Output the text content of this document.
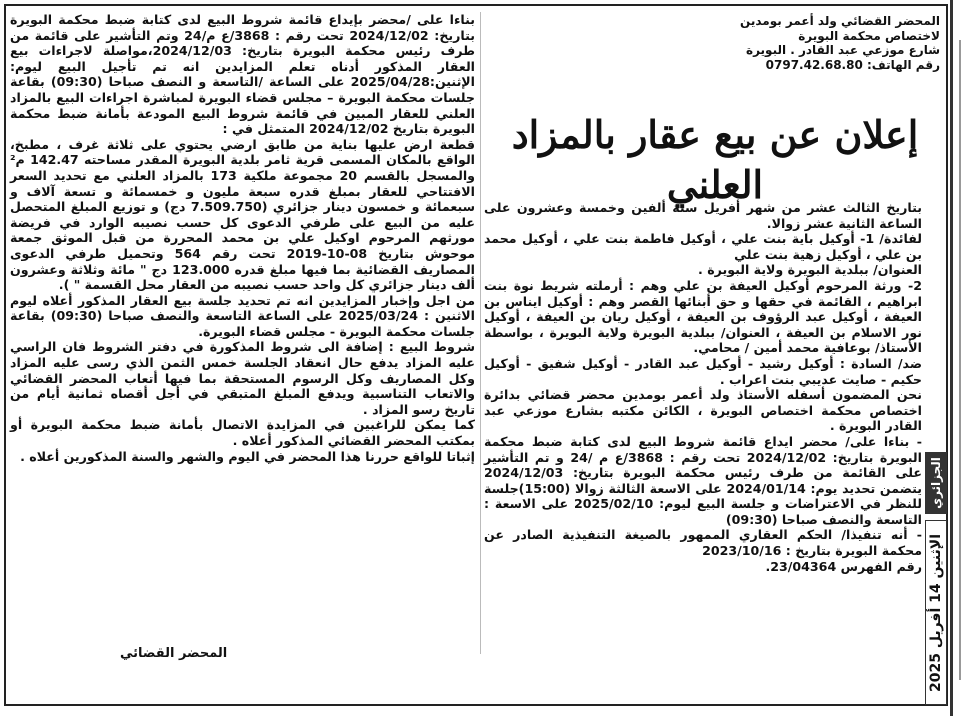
المحضر القضائي ولد أعمر بومدين
لاختصاص محكمة البويرة
شارع موزعي عبد القادر . البويرة
رقم الهاتف: 0797.42.68.80
إعلان عن بيع عقار بالمزاد العلني

بتاريخ الثالث عشر من شهر أفريل سنة ألفين وخمسة وعشرون على الساعة الثانية عشر زوالا.

لفائدة/ 1- أوكيل باية بنت علي ، أوكيل فاطمة بنت علي ، أوكيل محمد بن علي ، أوكيل زهية بنت علي

العنوان/ ببلدية البويرة ولاية البويرة .

2- ورثة المرحوم أوكيل العيفة بن علي وهم : أرملته شريط نوة بنت ابراهيم ، القائمة في حقها و حق أبنائها القصر وهم : أوكيل ايناس بن العيفة ، أوكيل عبد الرؤوف بن العيفة ، أوكيل ريان بن العيفة ، أوكيل نور الاسلام بن العيفة ، العنوان/ ببلدية البويرة ولاية البويرة ، بواسطة الأستاذ/ بوعافية محمد أمين / محامي.

ضد/ السادة : أوكيل رشيد - أوكيل عبد القادر - أوكيل شفيق - أوكيل حكيم - صايت عديبي بنت اعراب .

نحن المضمون أسفله الأستاذ ولد أعمر بومدين محضر قضائي بدائرة اختصاص محكمة اختصاص البويرة ، الكائن مكتبه بشارع موزعي عبد القادر البويرة .

- بناءا على/ محضر ايداع قائمة شروط البيع لدى كتابة ضبط محكمة البويرة بتاريخ: 2024/12/02 تحت رقم : 3868/ع م /24 و تم التأشير على القائمة من طرف رئيس محكمة البويرة بتاريخ: 2024/12/03 يتضمن تحديد يوم: 2024/01/14 على الاسعة الثالثة زوالا (15:00)جلسة للنظر في الاعتراضات و جلسة البيع ليوم: 2025/02/10 على الاسعة : التاسعة والنصف صباحا (09:30)

- أنه تنفيذا/ الحكم العقاري الممهور بالصيغة التنفيذية الصادر عن محكمة البويرة بتاريخ : 2023/10/16

رقم الفهرس 23/04364.

بناءا على /محضر بإيداع قائمة شروط البيع لدى كتابة ضبط محكمة البويرة بتاريخ: 2024/12/02 تحت رقم : 3868/ع م/24 وتم التأشير على قائمة من طرف رئيس محكمة البويرة بتاريخ: 2024/12/03،مواصلة لاجراءات بيع العقار المذكور أدناه تعلم المزايدين انه تم تأجيل البيع ليوم: الإثنين:2025/04/28 على الساعة /التاسعة و النصف صباحا (09:30) بقاعة جلسات محكمة البويرة – مجلس قضاء البويرة لمباشرة اجراءات البيع بالمزاد العلني للعقار المبين في قائمة شروط البيع المودعة بأمانة ضبط محكمة البويرة بتاريخ 2024/12/02 المتمثل في :

قطعة ارض عليها بناية من طابق ارضي يحتوي على ثلاثة غرف ، مطبخ، الواقع بالمكان المسمى قرية ثامر بلدية البويرة المقدر مساحته 142.47 م² والمسجل بالقسم 20 مجموعة ملكية 173 بالمزاد العلني مع تحديد السعر الافتتاحي للعقار بمبلغ قدره سبعة مليون و خمسمائة و تسعة آلاف و سبعمائة و خمسون دينار جزائري (7.509.750 دج) و توزيع المبلغ المتحصل عليه من البيع على طرفي الدعوى كل حسب نصيبه الوارد في فريضة مورثهم المرحوم اوكيل علي بن محمد المحررة من قبل الموثق جمعة موحوش بتاريخ 08-10-2019 تحت رقم 564 وتحميل طرفي الدعوى المصاريف القضائية بما فيها مبلغ قدره 123.000 دج " مائة وثلاثة وعشرون ألف دينار جزائري كل واحد حسب نصيبه من العقار محل القسمة " ).

من اجل وإخبار المزايدين انه تم تحديد جلسة بيع العقار المذكور أعلاه ليوم الاثنين : 2025/03/24 على الساعة التاسعة والنصف صباحا (09:30) بقاعة جلسات محكمة البويرة - مجلس قضاء البويرة.

شروط البيع : إضافة الى شروط المذكورة في دفتر الشروط فان الراسي عليه المزاد يدفع حال انعقاد الجلسة خمس الثمن الذي رسى عليه المزاد وكل المصاريف وكل الرسوم المستحقة بما فيها أتعاب المحضر القضائي والاتعاب التناسبية ويدفع المبلغ المتبقي في أجل أقصاه ثمانية أيام من تاريخ رسو المزاد .

كما يمكن للراغبين في المزايدة الاتصال بأمانة ضبط محكمة البويرة أو بمكتب المحضر القضائي المذكور أعلاه .

إثباتا للواقع حررنا هذا المحضر في اليوم والشهر والسنة المذكورين أعلاه .

المحضر القضائي
الجزائري
الإثنين 14 أفريل 2025
